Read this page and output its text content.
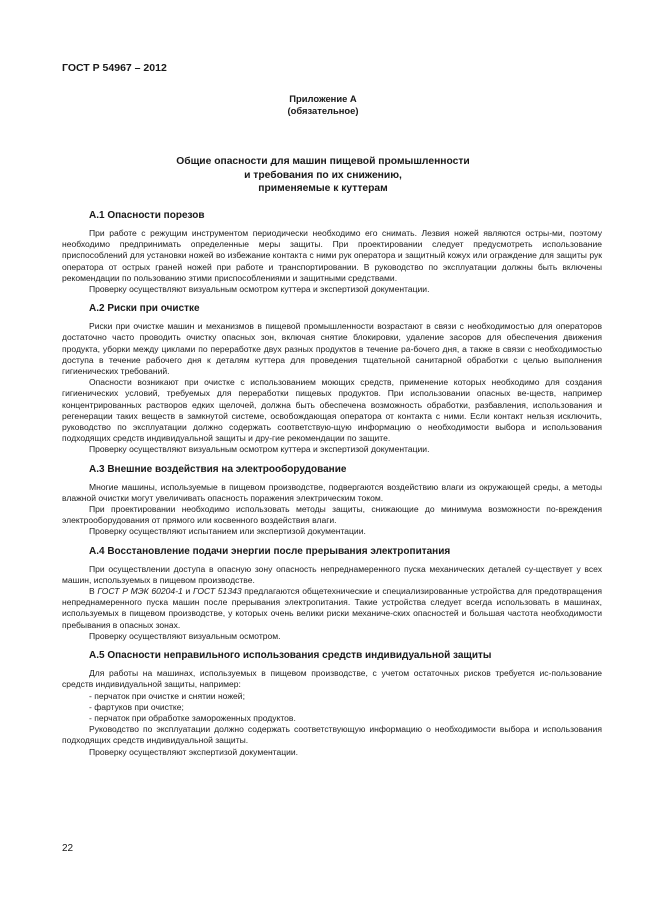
ГОСТ Р 54967 – 2012
Приложение А
(обязательное)
Общие опасности для машин пищевой промышленности
и требования по их снижению,
применяемые к куттерам

А.1 Опасности порезов

При работе с режущим инструментом периодически необходимо его снимать. Лезвия ножей являются остры-ми, поэтому необходимо предпринимать определенные меры защиты. При проектировании следует предусмотреть использование приспособлений для установки ножей во избежание контакта с ними рук оператора и защитный кожух или ограждение для защиты рук оператора от острых граней ножей при работе и транспортировании. В руководство по эксплуатации должны быть включены рекомендации по пользованию этими приспособлениями и защитными средствами.

Проверку осуществляют визуальным осмотром куттера и экспертизой документации.

А.2 Риски при очистке

Риски при очистке машин и механизмов в пищевой промышленности возрастают в связи с необходимостью для операторов достаточно часто проводить очистку опасных зон, включая снятие блокировки, удаление засоров для обеспечения движения продукта, уборки между циклами по переработке двух разных продуктов в течение ра-бочего дня, а также в связи с необходимостью доступа в течение рабочего дня к деталям куттера для проведения тщательной санитарной обработки с целью выполнения гигиенических требований.

Опасности возникают при очистке с использованием моющих средств, применение которых необходимо для создания гигиенических условий, требуемых для переработки пищевых продуктов. При использовании опасных ве-ществ, например концентрированных растворов едких щелочей, должна быть обеспечена возможность обработки, разбавления, использования и регенерации таких веществ в замкнутой системе, освобождающая оператора от контакта с ними. Если контакт нельзя исключить, руководство по эксплуатации должно содержать соответствую-щую информацию о необходимости выбора и использования подходящих средств индивидуальной защиты и дру-гие рекомендации по защите.

Проверку осуществляют визуальным осмотром куттера и экспертизой документации.

А.3 Внешние воздействия на электрооборудование

Многие машины, используемые в пищевом производстве, подвергаются воздействию влаги из окружающей среды, а методы влажной очистки могут увеличивать опасность поражения электрическим током.

При проектировании необходимо использовать методы защиты, снижающие до минимума возможности по-вреждения электрооборудования от прямого или косвенного воздействия влаги.

Проверку осуществляют испытанием или экспертизой документации.

А.4 Восстановление подачи энергии после прерывания электропитания

При осуществлении доступа в опасную зону опасность непреднамеренного пуска механических деталей су-ществует у всех машин, используемых в пищевом производстве.

В ГОСТ Р МЭК 60204-1 и ГОСТ 51343 предлагаются общетехнические и специализированные устройства для предотвращения непреднамеренного пуска машин после прерывания электропитания. Такие устройства следует всегда использовать в машинах, используемых в пищевом производстве, у которых очень велики риски механиче-ских опасностей и большая частота необходимости пребывания в опасных зонах.

Проверку осуществляют визуальным осмотром.

А.5 Опасности неправильного использования средств индивидуальной защиты

Для работы на машинах, используемых в пищевом производстве, с учетом остаточных рисков требуется ис-пользование средств индивидуальной защиты, например:

- перчаток при очистке и снятии ножей;

- фартуков при очистке;

- перчаток при обработке замороженных продуктов.

Руководство по эксплуатации должно содержать соответствующую информацию о необходимости выбора и использования подходящих средств индивидуальной защиты.

Проверку осуществляют экспертизой документации.

22
